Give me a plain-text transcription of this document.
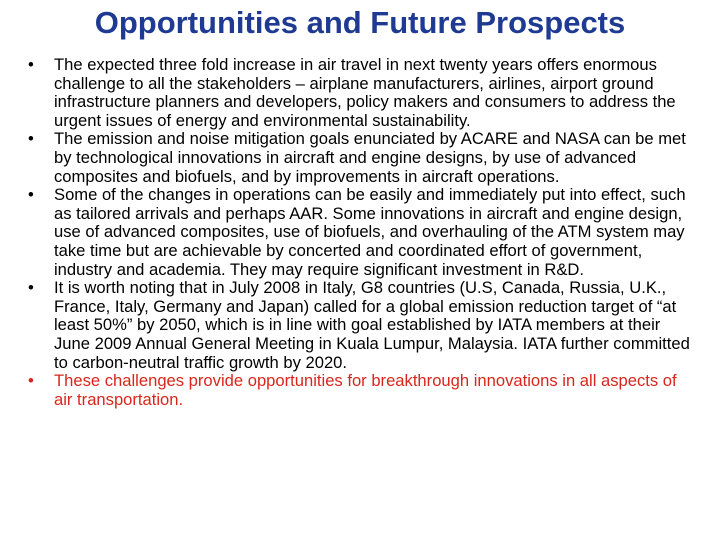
Opportunities and Future Prospects
• The expected three fold increase in air travel in next twenty years offers enormous challenge to all the stakeholders – airplane manufacturers, airlines, airport ground infrastructure planners and developers, policy makers and consumers to address the urgent issues of energy and environmental sustainability.
• The emission and noise mitigation goals enunciated by ACARE and NASA can be met by technological innovations in aircraft and engine designs, by use of advanced composites and biofuels, and by improvements in aircraft operations.
• Some of the changes in operations can be easily and immediately put into effect, such as tailored arrivals and perhaps AAR. Some innovations in aircraft and engine design, use of advanced composites, use of biofuels, and overhauling of the ATM system may take time but are achievable by concerted and coordinated effort of government, industry and academia. They may require significant investment in R&D.
• It is worth noting that in July 2008 in Italy, G8 countries (U.S, Canada, Russia, U.K., France, Italy, Germany and Japan) called for a global emission reduction target of “at least 50%” by 2050, which is in line with goal established by IATA members at their June 2009 Annual General Meeting in Kuala Lumpur, Malaysia. IATA further committed to carbon-neutral traffic growth by 2020.
• These challenges provide opportunities for breakthrough innovations in all aspects of air transportation.
